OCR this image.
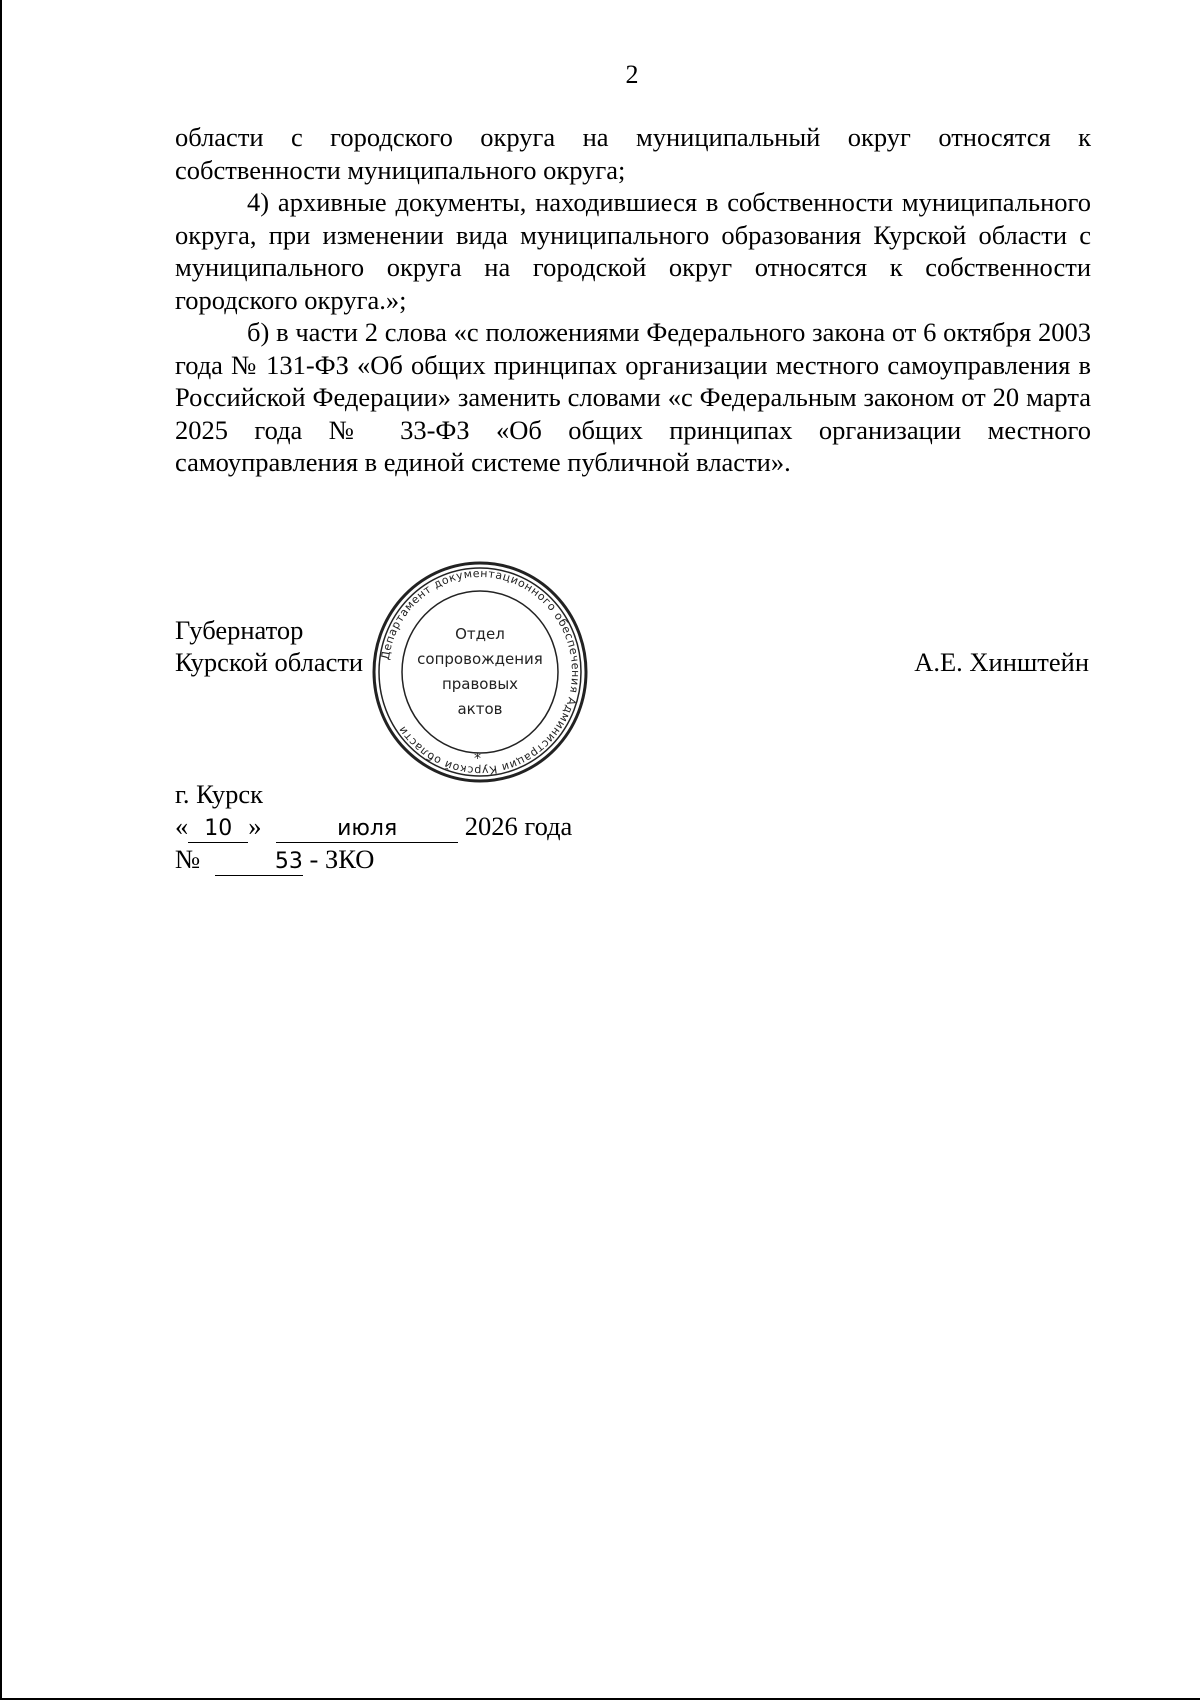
2

области с городского округа на муниципальный округ относятся к собственности муниципального округа;

4) архивные документы, находившиеся в собственности муниципального округа, при изменении вида муниципального образования Курской области с муниципального округа на городской округ относятся к собственности городского округа.»;

б) в части 2 слова «с положениями Федерального закона от 6 октября 2003 года № 131-ФЗ «Об общих принципах организации местного самоуправления в Российской Федерации» заменить словами «с Федеральным законом от 20 марта 2025 года № 33-ФЗ «Об общих принципах организации местного самоуправления в единой системе публичной власти».

Губернатор
Курской области	А.Е. Хинштейн
Департамент документационного обеспечения Администрации Курской области
*
Отдел
сопровождения
правовых
актов
г. Курск
« 10 »	июля	2026 года
№	53 - ЗКО
